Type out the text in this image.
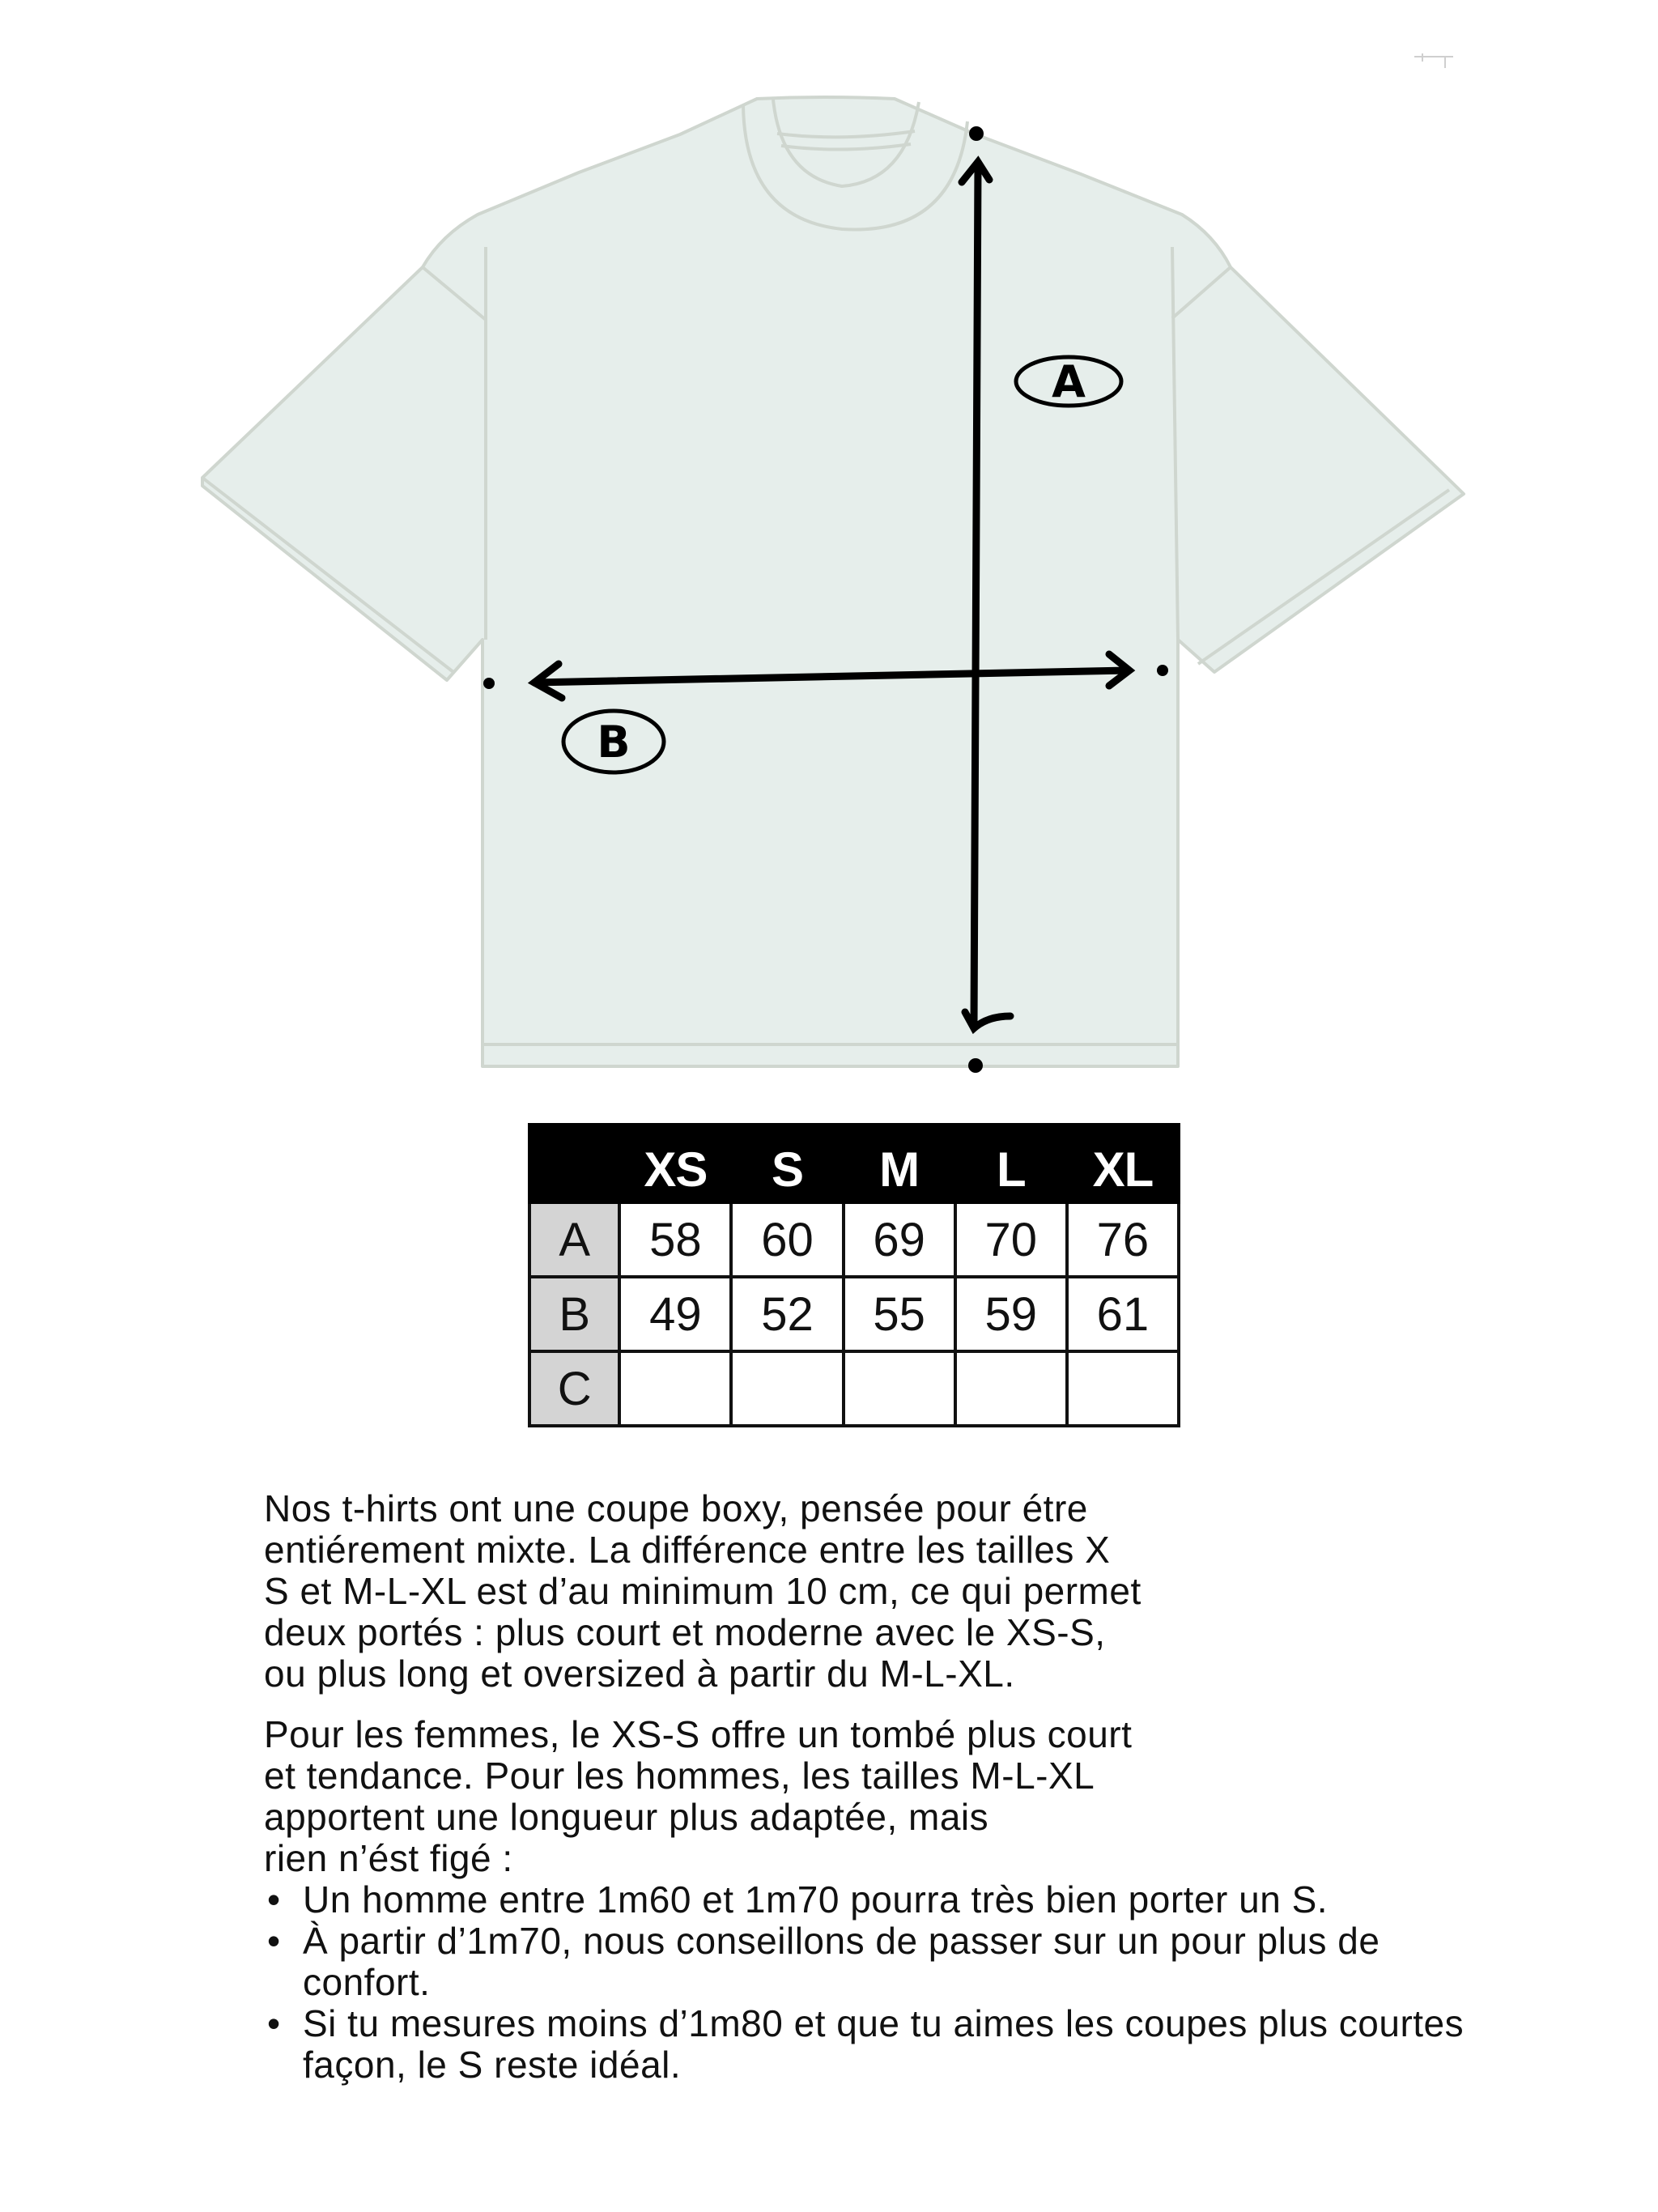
A
B
	XS	S	M	L	XL
A	58	60	69	70	76
B	49	52	55	59	61
C					

Nos t-hirts ont une coupe boxy, pensée pour étre
entiérement mixte. La différence entre les tailles X
S et M-L-XL est d’au minimum 10 cm, ce qui permet
deux portés : plus court et moderne avec le XS-S,
ou plus long et oversized à partir du M-L-XL.

Pour les femmes, le XS-S offre un tombé plus court
et tendance. Pour les hommes, les tailles M-L-XL
apportent une longueur plus adaptée, mais
rien n’ést figé :

• Un homme entre 1m60 et 1m70 pourra très bien porter un S.
• À partir d’1m70, nous conseillons de passer sur un pour plus de confort.
• Si tu mesures moins d’1m80 et que tu aimes les coupes plus courtes façon, le S reste idéal.
